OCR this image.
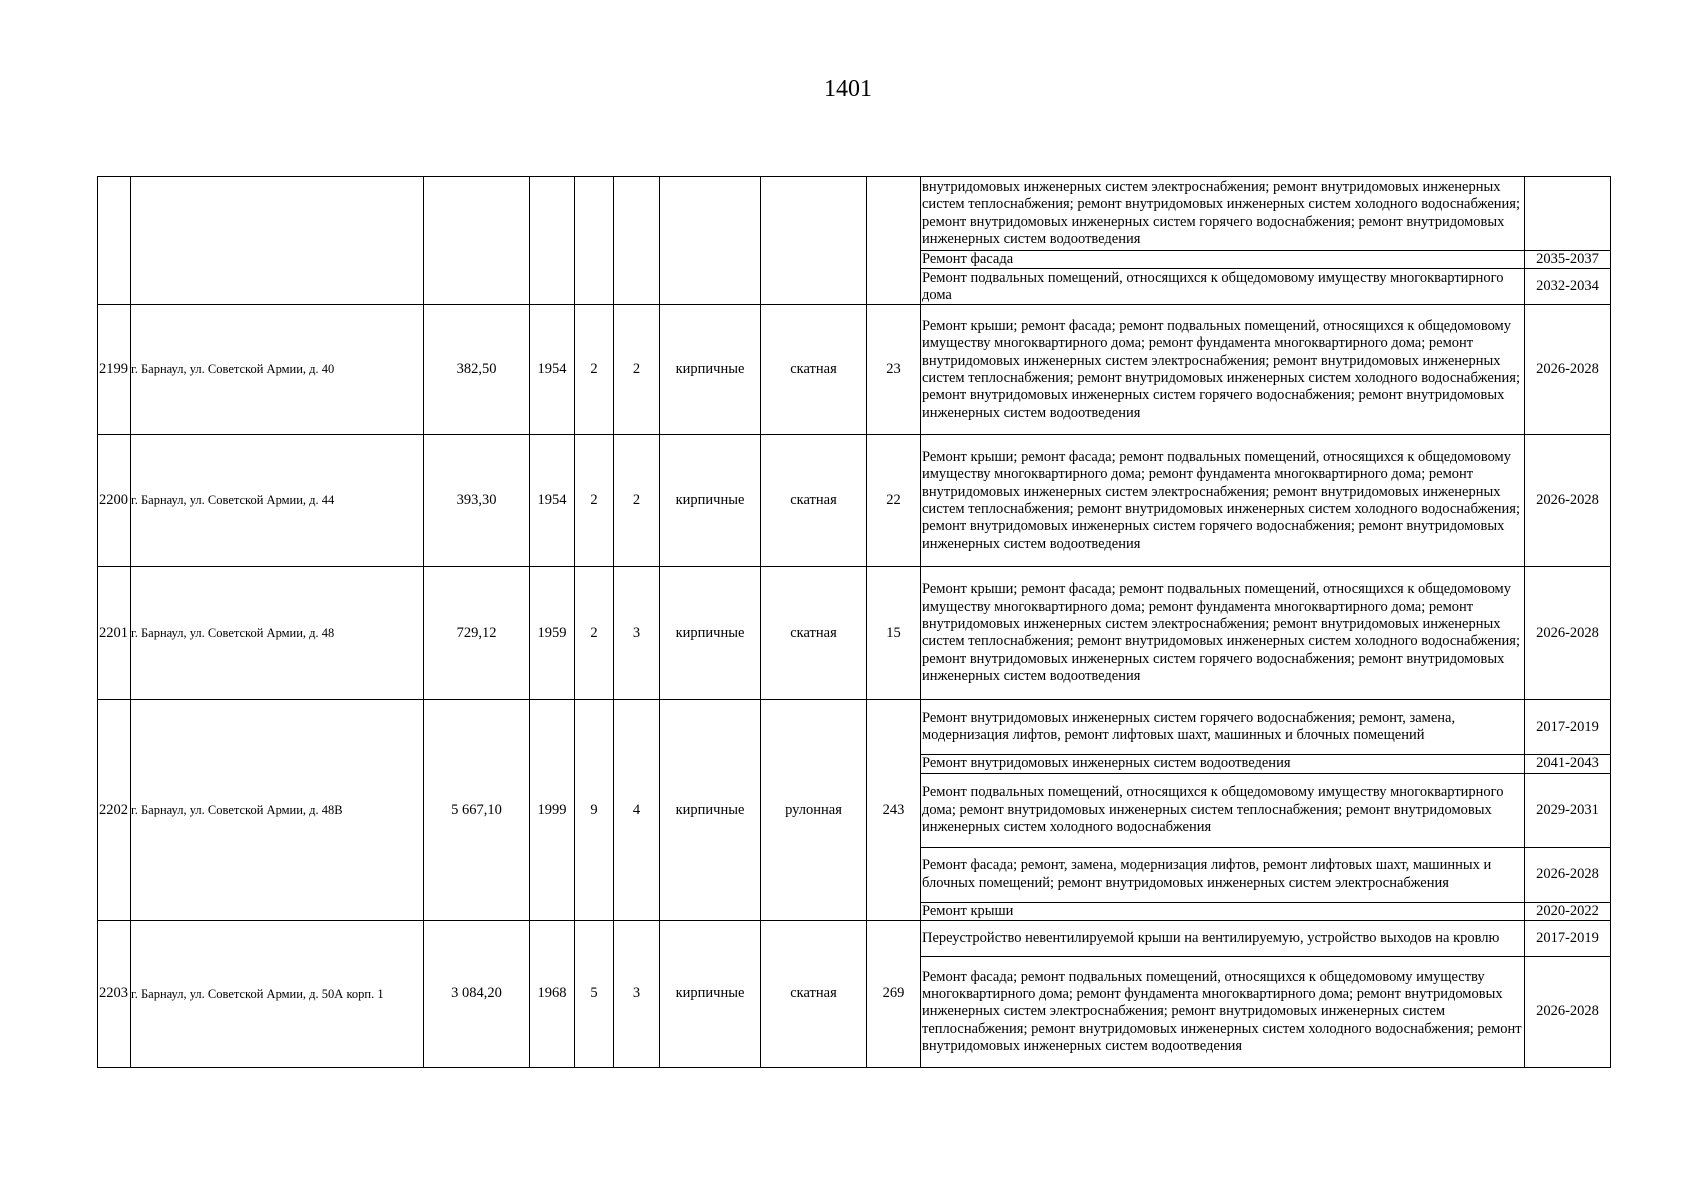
1401
									внутридомовых инженерных систем электроснабжения; ремонт внутридомовых инженерных систем теплоснабжения; ремонт внутридомовых инженерных систем холодного водоснабжения; ремонт внутридомовых инженерных систем горячего водоснабжения; ремонт внутридомовых инженерных систем водоотведения	
									Ремонт фасада	2035-2037
									Ремонт подвальных помещений, относящихся к общедомовому имуществу многоквартирного дома	2032-2034
2199	г. Барнаул, ул. Советской Армии, д. 40	382,50	1954	2	2	кирпичные	скатная	23	Ремонт крыши; ремонт фасада; ремонт подвальных помещений, относящихся к общедомовому имуществу многоквартирного дома; ремонт фундамента многоквартирного дома; ремонт внутридомовых инженерных систем электроснабжения; ремонт внутридомовых инженерных систем теплоснабжения; ремонт внутридомовых инженерных систем холодного водоснабжения; ремонт внутридомовых инженерных систем горячего водоснабжения; ремонт внутридомовых инженерных систем водоотведения	2026-2028
2200	г. Барнаул, ул. Советской Армии, д. 44	393,30	1954	2	2	кирпичные	скатная	22	Ремонт крыши; ремонт фасада; ремонт подвальных помещений, относящихся к общедомовому имуществу многоквартирного дома; ремонт фундамента многоквартирного дома; ремонт внутридомовых инженерных систем электроснабжения; ремонт внутридомовых инженерных систем теплоснабжения; ремонт внутридомовых инженерных систем холодного водоснабжения; ремонт внутридомовых инженерных систем горячего водоснабжения; ремонт внутридомовых инженерных систем водоотведения	2026-2028
2201	г. Барнаул, ул. Советской Армии, д. 48	729,12	1959	2	3	кирпичные	скатная	15	Ремонт крыши; ремонт фасада; ремонт подвальных помещений, относящихся к общедомовому имуществу многоквартирного дома; ремонт фундамента многоквартирного дома; ремонт внутридомовых инженерных систем электроснабжения; ремонт внутридомовых инженерных систем теплоснабжения; ремонт внутридомовых инженерных систем холодного водоснабжения; ремонт внутридомовых инженерных систем горячего водоснабжения; ремонт внутридомовых инженерных систем водоотведения	2026-2028
2202	г. Барнаул, ул. Советской Армии, д. 48В	5 667,10	1999	9	4	кирпичные	рулонная	243	Ремонт внутридомовых инженерных систем горячего водоснабжения; ремонт, замена, модернизация лифтов, ремонт лифтовых шахт, машинных и блочных помещений	2017-2019
									Ремонт внутридомовых инженерных систем водоотведения	2041-2043
									Ремонт подвальных помещений, относящихся к общедомовому имуществу многоквартирного дома; ремонт внутридомовых инженерных систем теплоснабжения; ремонт внутридомовых инженерных систем холодного водоснабжения	2029-2031
									Ремонт фасада; ремонт, замена, модернизация лифтов, ремонт лифтовых шахт, машинных и блочных помещений; ремонт внутридомовых инженерных систем электроснабжения	2026-2028
									Ремонт крыши	2020-2022
2203	г. Барнаул, ул. Советской Армии, д. 50А корп. 1	3 084,20	1968	5	3	кирпичные	скатная	269	Переустройство невентилируемой крыши на вентилируемую, устройство выходов на кровлю	2017-2019
									Ремонт фасада; ремонт подвальных помещений, относящихся к общедомовому имуществу многоквартирного дома; ремонт фундамента многоквартирного дома; ремонт внутридомовых инженерных систем электроснабжения; ремонт внутридомовых инженерных систем теплоснабжения; ремонт внутридомовых инженерных систем холодного водоснабжения; ремонт внутридомовых инженерных систем водоотведения	2026-2028
